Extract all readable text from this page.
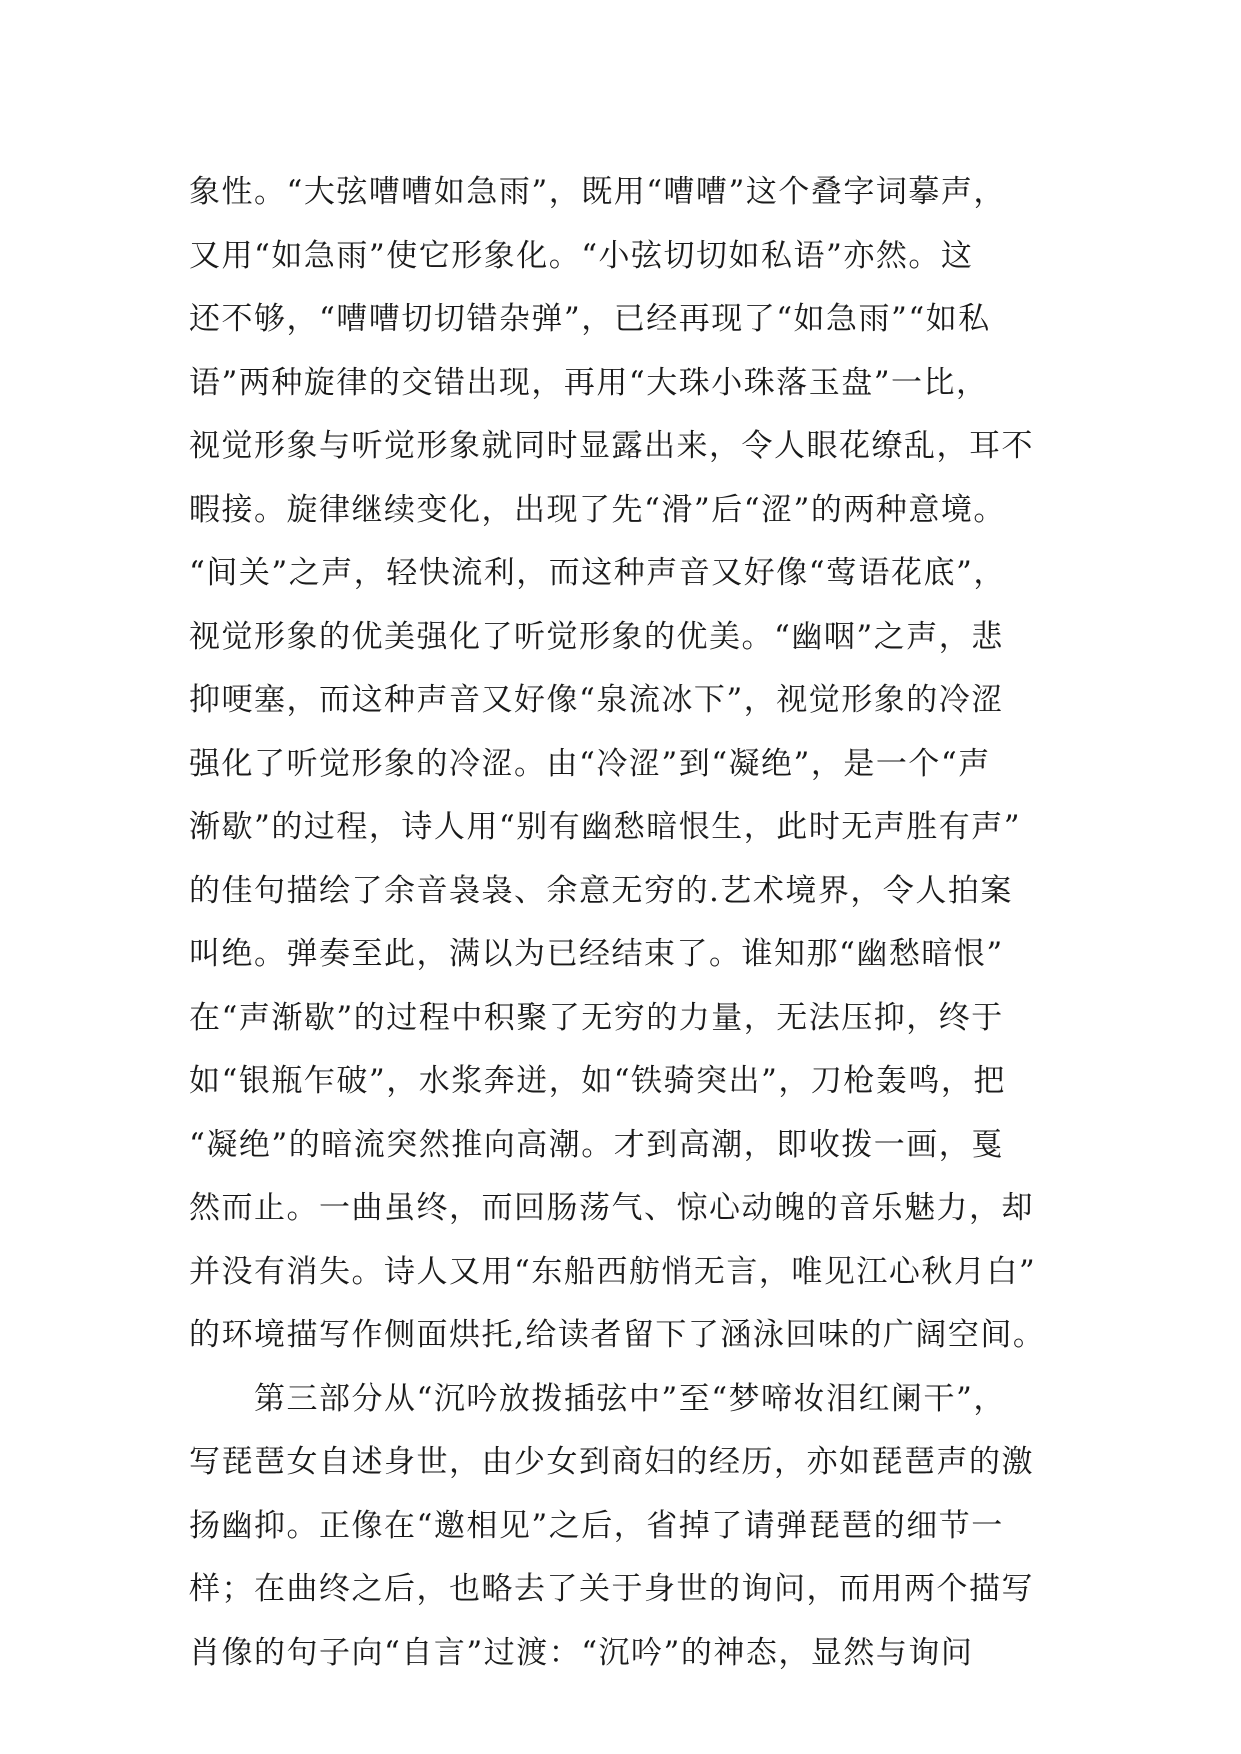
象性。“大弦嘈嘈如急雨”，既用“嘈嘈”这个叠字词摹声，
又用“如急雨”使它形象化。“小弦切切如私语”亦然。这
还不够，“嘈嘈切切错杂弹”，已经再现了“如急雨”“如私
语”两种旋律的交错出现，再用“大珠小珠落玉盘”一比，
视觉形象与听觉形象就同时显露出来，令人眼花缭乱，耳不
暇接。旋律继续变化，出现了先“滑”后“涩”的两种意境。
“间关”之声，轻快流利，而这种声音又好像“莺语花底”，
视觉形象的优美强化了听觉形象的优美。“幽咽”之声，悲
抑哽塞，而这种声音又好像“泉流冰下”，视觉形象的冷涩
强化了听觉形象的冷涩。由“冷涩”到“凝绝”，是一个“声
渐歇”的过程，诗人用“别有幽愁暗恨生，此时无声胜有声”
的佳句描绘了余音袅袅、余意无穷的.艺术境界，令人拍案
叫绝。弹奏至此，满以为已经结束了。谁知那“幽愁暗恨”
在“声渐歇”的过程中积聚了无穷的力量，无法压抑，终于
如“银瓶乍破”，水浆奔迸，如“铁骑突出”，刀枪轰鸣，把
“凝绝”的暗流突然推向高潮。才到高潮，即收拨一画，戛
然而止。一曲虽终，而回肠荡气、惊心动魄的音乐魅力，却
并没有消失。诗人又用“东船西舫悄无言，唯见江心秋月白”
的环境描写作侧面烘托,给读者留下了涵泳回味的广阔空间。
　　第三部分从“沉吟放拨插弦中”至“梦啼妆泪红阑干”，
写琵琶女自述身世，由少女到商妇的经历，亦如琵琶声的激
扬幽抑。正像在“邀相见”之后，省掉了请弹琵琶的细节一
样；在曲终之后，也略去了关于身世的询问，而用两个描写
肖像的句子向“自言”过渡：“沉吟”的神态，显然与询问
